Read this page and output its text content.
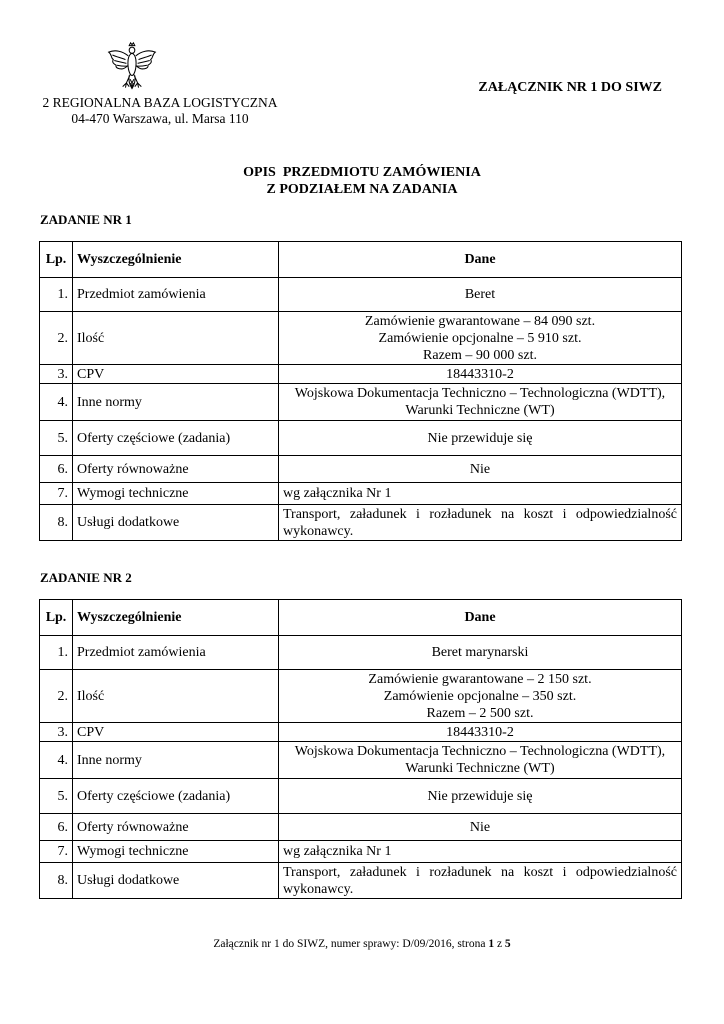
2 REGIONALNA BAZA LOGISTYCZNA
04-470 Warszawa, ul. Marsa 110
ZAŁĄCZNIK NR 1 DO SIWZ
OPIS  PRZEDMIOTU ZAMÓWIENIA
Z PODZIAŁEM NA ZADANIA
ZADANIE NR 1
Lp.	Wyszczególnienie	Dane
1.	Przedmiot zamówienia	Beret
2.	Ilość	Zamówienie gwarantowane – 84 090 szt.
Zamówienie opcjonalne – 5 910 szt.
Razem – 90 000 szt.

3.	CPV	18443310-2
4.	Inne normy	Wojskowa Dokumentacja Techniczno – Technologiczna (WDTT),
Warunki Techniczne (WT)

5.	Oferty częściowe (zadania)	Nie przewiduje się
6.	Oferty równoważne	Nie
7.	Wymogi techniczne	wg załącznika Nr 1
8.	Usługi dodatkowe	Transport, załadunek i rozładunek na koszt i odpowiedzialność wykonawcy.
ZADANIE NR 2
Lp.	Wyszczególnienie	Dane
1.	Przedmiot zamówienia	Beret marynarski
2.	Ilość	Zamówienie gwarantowane – 2 150 szt.
Zamówienie opcjonalne – 350 szt.
Razem – 2 500 szt.

3.	CPV	18443310-2
4.	Inne normy	Wojskowa Dokumentacja Techniczno – Technologiczna (WDTT),
Warunki Techniczne (WT)

5.	Oferty częściowe (zadania)	Nie przewiduje się
6.	Oferty równoważne	Nie
7.	Wymogi techniczne	wg załącznika Nr 1
8.	Usługi dodatkowe	Transport, załadunek i rozładunek na koszt i odpowiedzialność wykonawcy.
Załącznik nr 1 do SIWZ, numer sprawy: D/09/2016, strona 1 z 5
